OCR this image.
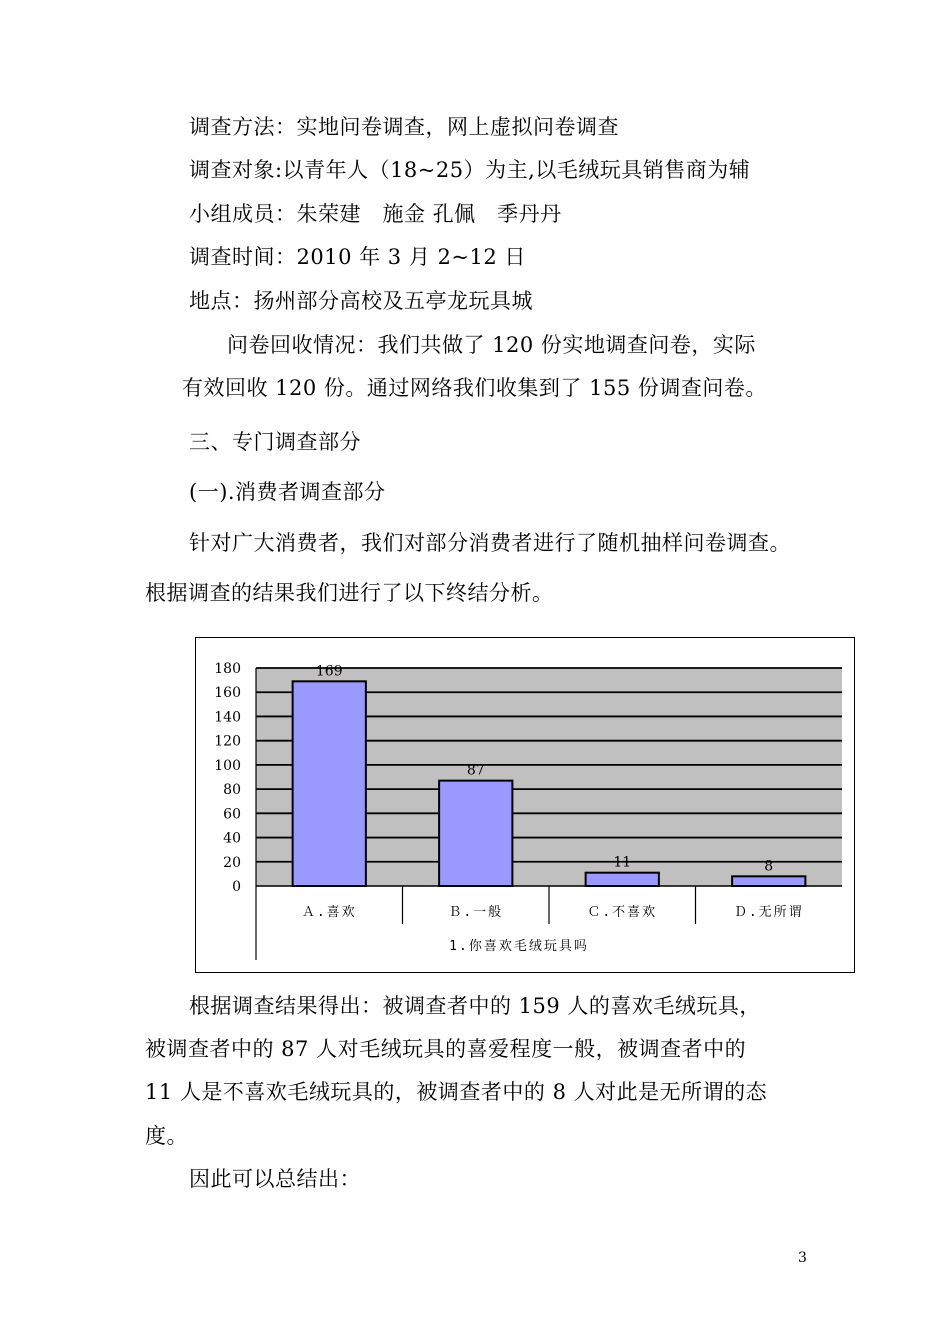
调查方法：实地问卷调查，网上虚拟问卷调查
调查对象:以青年人（18~25）为主,以毛绒玩具销售商为辅
小组成员：朱荣建　施金 孔佩　季丹丹
调查时间：2010 年 3 月 2~12 日
地点：扬州部分高校及五亭龙玩具城
问卷回收情况：我们共做了 120 份实地调查问卷，实际
有效回收 120 份。通过网络我们收集到了 155 份调查问卷。
三、专门调查部分
(一).消费者调查部分
针对广大消费者，我们对部分消费者进行了随机抽样问卷调查。
根据调查的结果我们进行了以下终结分析。
180
160
140
120
100
80
60
40
20
0
169
Ａ.喜欢
87
Ｂ.一般
11
Ｃ.不喜欢
8
Ｄ.无所谓
1.你喜欢毛绒玩具吗
根据调查结果得出：被调查者中的 159 人的喜欢毛绒玩具，
被调查者中的 87 人对毛绒玩具的喜爱程度一般，被调查者中的
11 人是不喜欢毛绒玩具的，被调查者中的 8 人对此是无所谓的态
度。
因此可以总结出：
3
